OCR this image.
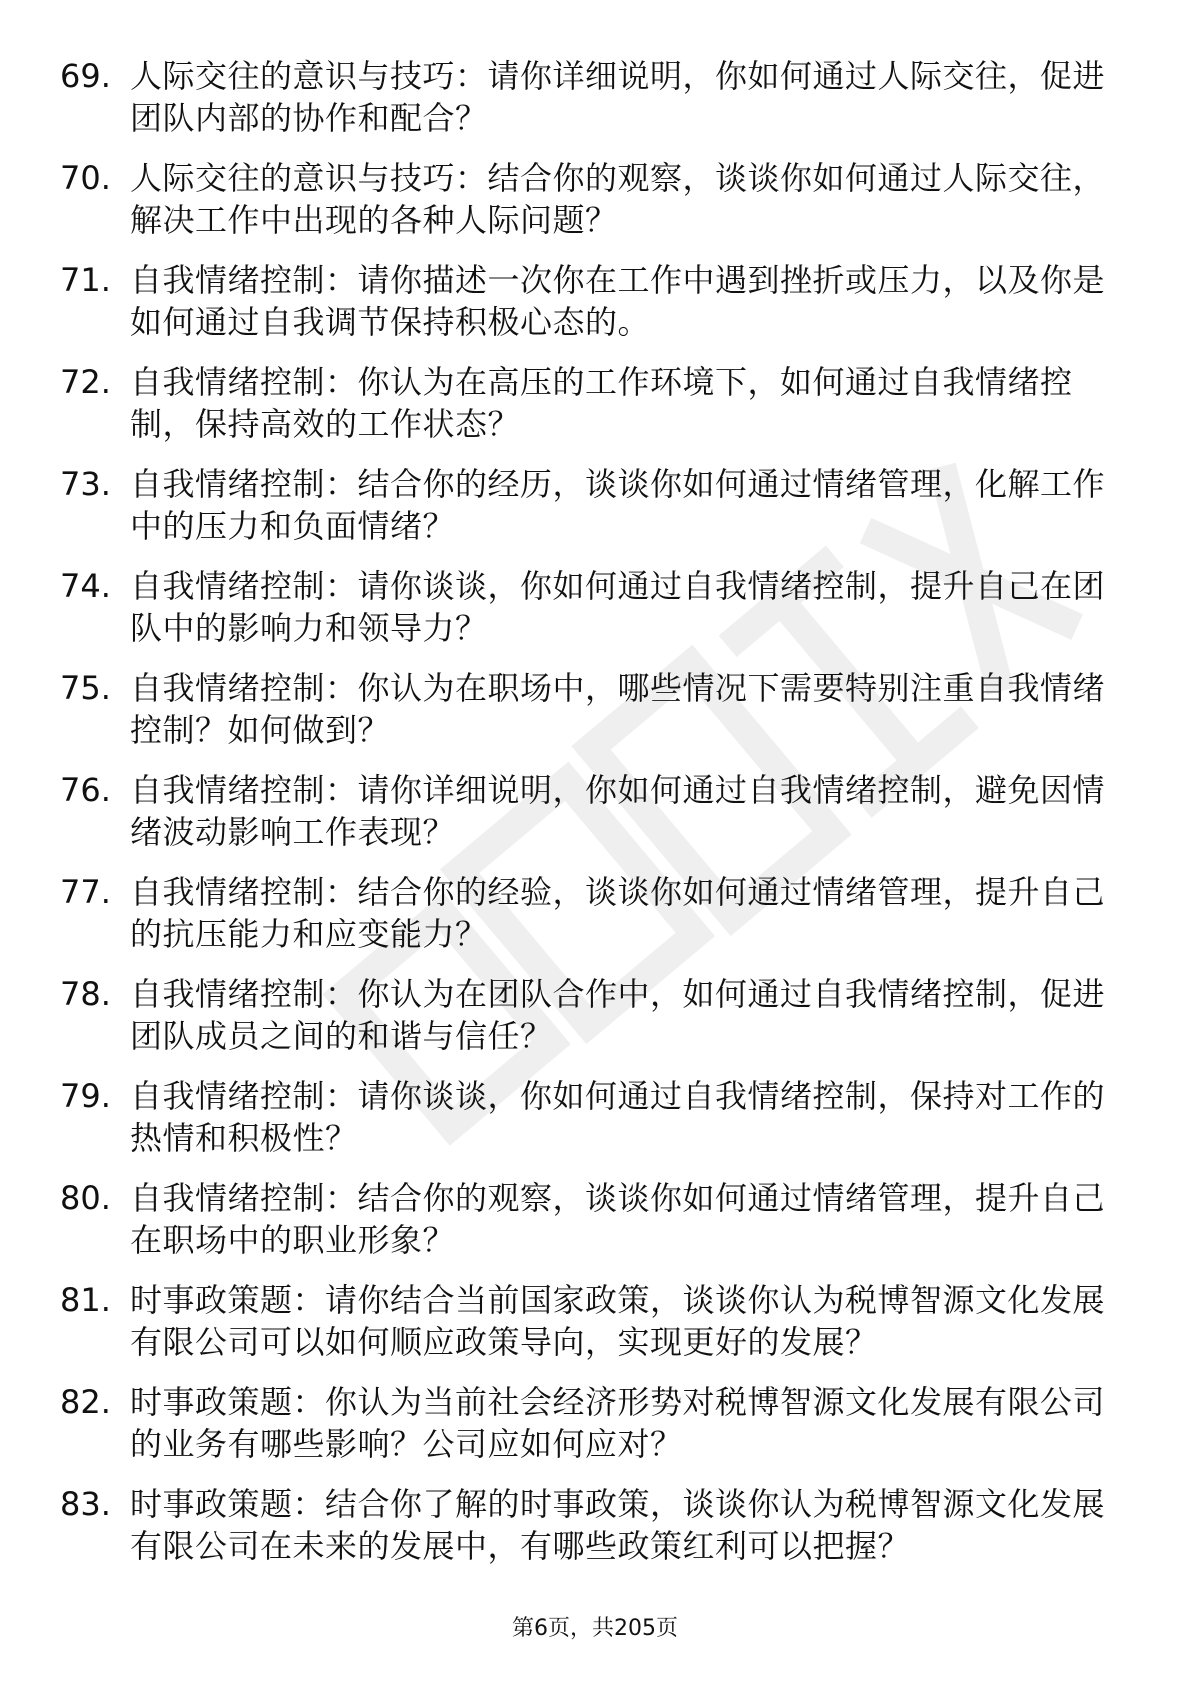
69. 人际交往的意识与技巧：请你详细说明，你如何通过人际交往，促进团队内部的协作和配合？
70. 人际交往的意识与技巧：结合你的观察，谈谈你如何通过人际交往，解决工作中出现的各种人际问题？
71. 自我情绪控制：请你描述一次你在工作中遇到挫折或压力，以及你是如何通过自我调节保持积极心态的。
72. 自我情绪控制：你认为在高压的工作环境下，如何通过自我情绪控制，保持高效的工作状态？
73. 自我情绪控制：结合你的经历，谈谈你如何通过情绪管理，化解工作中的压力和负面情绪？
74. 自我情绪控制：请你谈谈，你如何通过自我情绪控制，提升自己在团队中的影响力和领导力？
75. 自我情绪控制：你认为在职场中，哪些情况下需要特别注重自我情绪控制？如何做到？
76. 自我情绪控制：请你详细说明，你如何通过自我情绪控制，避免因情绪波动影响工作表现？
77. 自我情绪控制：结合你的经验，谈谈你如何通过情绪管理，提升自己的抗压能力和应变能力？
78. 自我情绪控制：你认为在团队合作中，如何通过自我情绪控制，促进团队成员之间的和谐与信任？
79. 自我情绪控制：请你谈谈，你如何通过自我情绪控制，保持对工作的热情和积极性？
80. 自我情绪控制：结合你的观察，谈谈你如何通过情绪管理，提升自己在职场中的职业形象？
81. 时事政策题：请你结合当前国家政策，谈谈你认为税博智源文化发展有限公司可以如何顺应政策导向，实现更好的发展？
82. 时事政策题：你认为当前社会经济形势对税博智源文化发展有限公司的业务有哪些影响？公司应如何应对？
83. 时事政策题：结合你了解的时事政策，谈谈你认为税博智源文化发展有限公司在未来的发展中，有哪些政策红利可以把握？
第6页，共205页
